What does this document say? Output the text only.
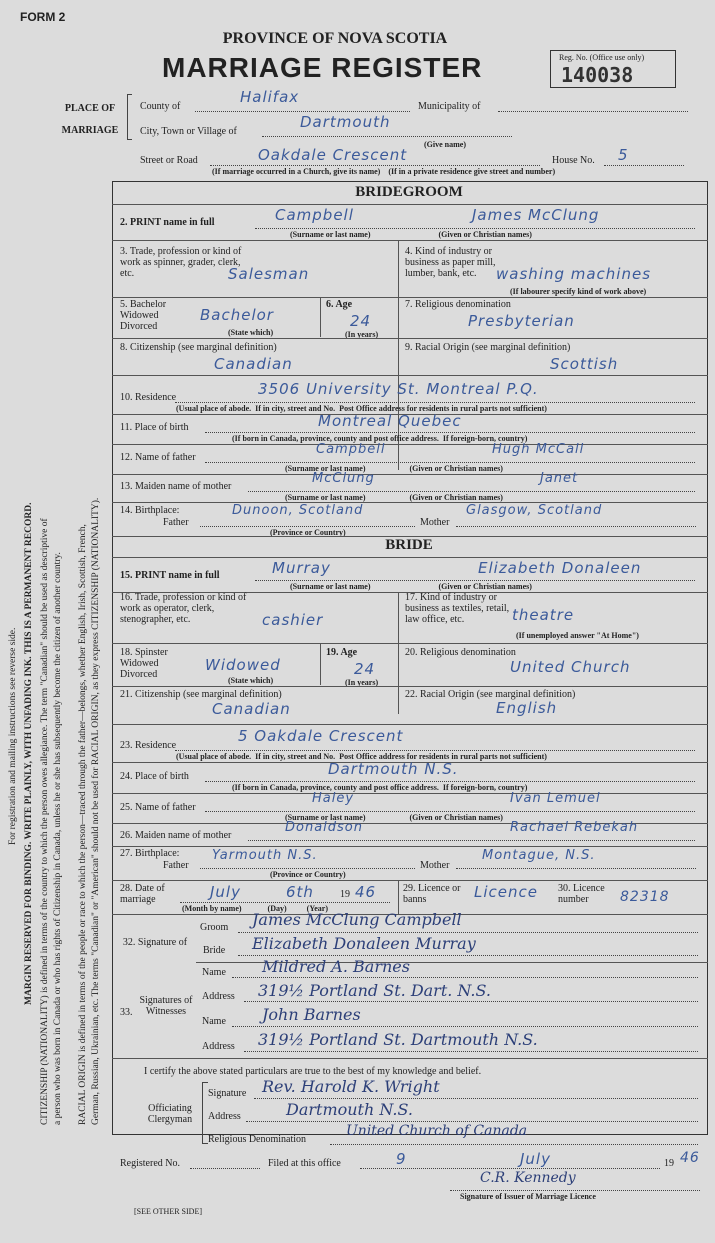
For registration and mailing instructions see reverse side. MARGIN RESERVED FOR BINDING. WRITE PLAINLY, WITH UNFADING INK. THIS IS A PERMANENT RECORD. CITIZENSHIP (NATIONALITY) is defined in terms of the country to which the person owes allegiance. The term "Canadian" should be used as descriptive of a person who was born in Canada or who has rights of Citizenship in Canada, unless he or she has subsequently become the citizen of another country. RACIAL ORIGIN is defined in terms of the people or race to which the person—traced through the father—belongs, whether English, Irish, Scottish, French, German, Russian, Ukrainian, etc. The terms "Canadian" or "American" should not be used for RACIAL ORIGIN, as they express CITIZENSHIP (NATIONALITY).
FORM 2
PROVINCE OF NOVA SCOTIA
MARRIAGE REGISTER	Reg. No. (Office use only)
140038
PLACE OF
MARRIAGE
County of
Halifax
Municipality of
City, Town or Village of
Dartmouth
(Give name)
Street or Road	Oakdale Crescent	House No. 5
(If marriage occurred in a Church, give its name)    (If in a private residence give street and number)
BRIDEGROOM
2. PRINT name in full	Campbell	James McClung
(Surname or last name)                                  (Given or Christian names)
3. Trade, profession or kind of work as spinner, grader, clerk, etc.	Salesman
4. Kind of industry or business as paper mill, lumber, bank, etc.	washing machines
(If labourer specify kind of work above)
5. Bachelor Widowed Divorced
Bachelor
(State which)
6. Age
24
(In years)
7. Religious denomination
Presbyterian
8. Citizenship (see marginal definition)
Canadian
9. Racial Origin (see marginal definition)
Scottish
10. Residence	3506 University St. Montreal P.Q.
(Usual place of abode.  If in city, street and No.  Post Office address for residents in rural parts not sufficient)
11. Place of birth	Montreal Quebec
(If born in Canada, province, county and post office address.  If foreign-born, country)
12. Name of father
Campbell	Hugh McCall
(Surname or last name)                      (Given or Christian names)
13. Maiden name of mother
McClung	Janet
(Surname or last name)                      (Given or Christian names)
14. Birthplace:
Father
Dunoon, Scotland
Mother
Glasgow, Scotland
(Province or Country)
BRIDE
15. PRINT name in full	Murray	Elizabeth Donaleen
(Surname or last name)                                  (Given or Christian names)
16. Trade, profession or kind of work as operator, clerk, stenographer, etc.	cashier
17. Kind of industry or business as textiles, retail, law office, etc.	theatre
(If unemployed answer "At Home")
18. Spinster Widowed Divorced
Widowed
(State which)
19. Age
24
(In years)
20. Religious denomination
United Church
21. Citizenship (see marginal definition)
Canadian
22. Racial Origin (see marginal definition)
English
23. Residence
5 Oakdale Crescent
(Usual place of abode.  If in city, street and No.  Post Office address for residents in rural parts not sufficient)
24. Place of birth	Dartmouth N.S.
(If born in Canada, province, county and post office address.  If foreign-born, country)
25. Name of father
Haley	Ivan Lemuel
(Surname or last name)                      (Given or Christian names)
26. Maiden name of mother
Donaldson	Rachael Rebekah
27. Birthplace:
Father
Yarmouth N.S.
Mother
Montague, N.S.
(Province or Country)
28. Date of marriage	July	6th	19 46
(Month by name)             (Day)          (Year)
29. Licence or banns	Licence 30. Licence number	82318
32. Signature of
Groom James McClung Campbell
Bride Elizabeth Donaleen Murray
33.
Signatures of Witnesses
Name Mildred A. Barnes
Address 319½ Portland St. Dart. N.S.
Name John Barnes
Address 319½ Portland St. Dartmouth N.S.
I certify the above stated particulars are true to the best of my knowledge and belief.
Officiating Clergyman
Signature Rev. Harold K. Wright
Address	Dartmouth N.S.
Religious Denomination
United Church of Canada
Registered No.	Filed at this office	9	July	19 46
C.R. Kennedy
Signature of Issuer of Marriage Licence
[SEE OTHER SIDE]
